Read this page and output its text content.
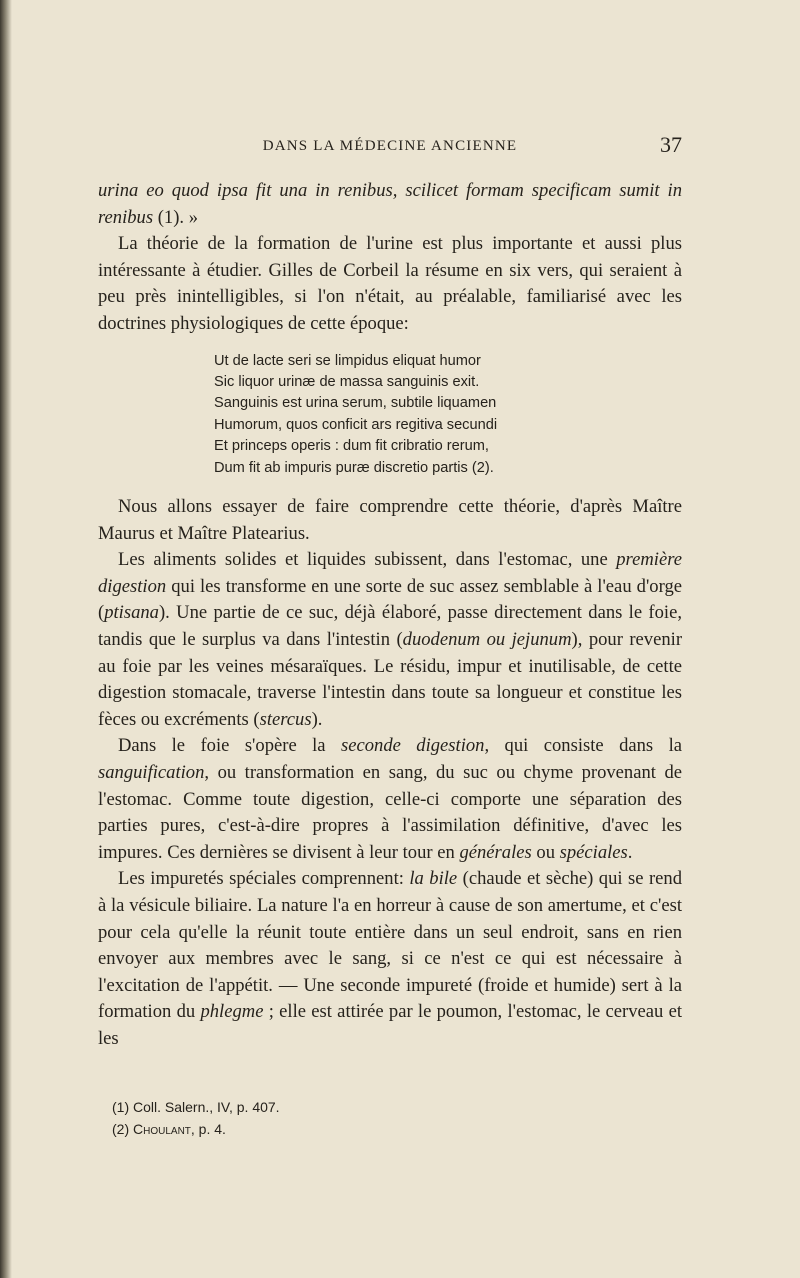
DANS LA MÉDECINE ANCIENNE	37

urina eo quod ipsa fit una in renibus, scilicet formam specificam sumit in renibus (1). »

La théorie de la formation de l'urine est plus importante et aussi plus intéressante à étudier. Gilles de Corbeil la résume en six vers, qui seraient à peu près inintelligibles, si l'on n'était, au préalable, familiarisé avec les doctrines physiologiques de cette époque:

Ut de lacte seri se limpidus eliquat humor
Sic liquor urinæ de massa sanguinis exit.
Sanguinis est urina serum, subtile liquamen
Humorum, quos conficit ars regitiva secundi
Et princeps operis : dum fit cribratio rerum,
Dum fit ab impuris puræ discretio partis (2).

Nous allons essayer de faire comprendre cette théorie, d'après Maître Maurus et Maître Platearius.

Les aliments solides et liquides subissent, dans l'estomac, une première digestion qui les transforme en une sorte de suc assez semblable à l'eau d'orge (ptisana). Une partie de ce suc, déjà élaboré, passe directement dans le foie, tandis que le surplus va dans l'intestin (duodenum ou jejunum), pour revenir au foie par les veines mésaraïques. Le résidu, impur et inutilisable, de cette digestion stomacale, traverse l'intestin dans toute sa longueur et constitue les fèces ou excréments (stercus).

Dans le foie s'opère la seconde digestion, qui consiste dans la sanguification, ou transformation en sang, du suc ou chyme provenant de l'estomac. Comme toute digestion, celle-ci comporte une séparation des parties pures, c'est-à-dire propres à l'assimilation définitive, d'avec les impures. Ces dernières se divisent à leur tour en générales ou spéciales.

Les impuretés spéciales comprennent: la bile (chaude et sèche) qui se rend à la vésicule biliaire. La nature l'a en horreur à cause de son amertume, et c'est pour cela qu'elle la réunit toute entière dans un seul endroit, sans en rien envoyer aux membres avec le sang, si ce n'est ce qui est nécessaire à l'excitation de l'appétit. — Une seconde impureté (froide et humide) sert à la formation du phlegme ; elle est attirée par le poumon, l'estomac, le cerveau et les

(1) Coll. Salern., IV, p. 407.
(2) Choulant, p. 4.
